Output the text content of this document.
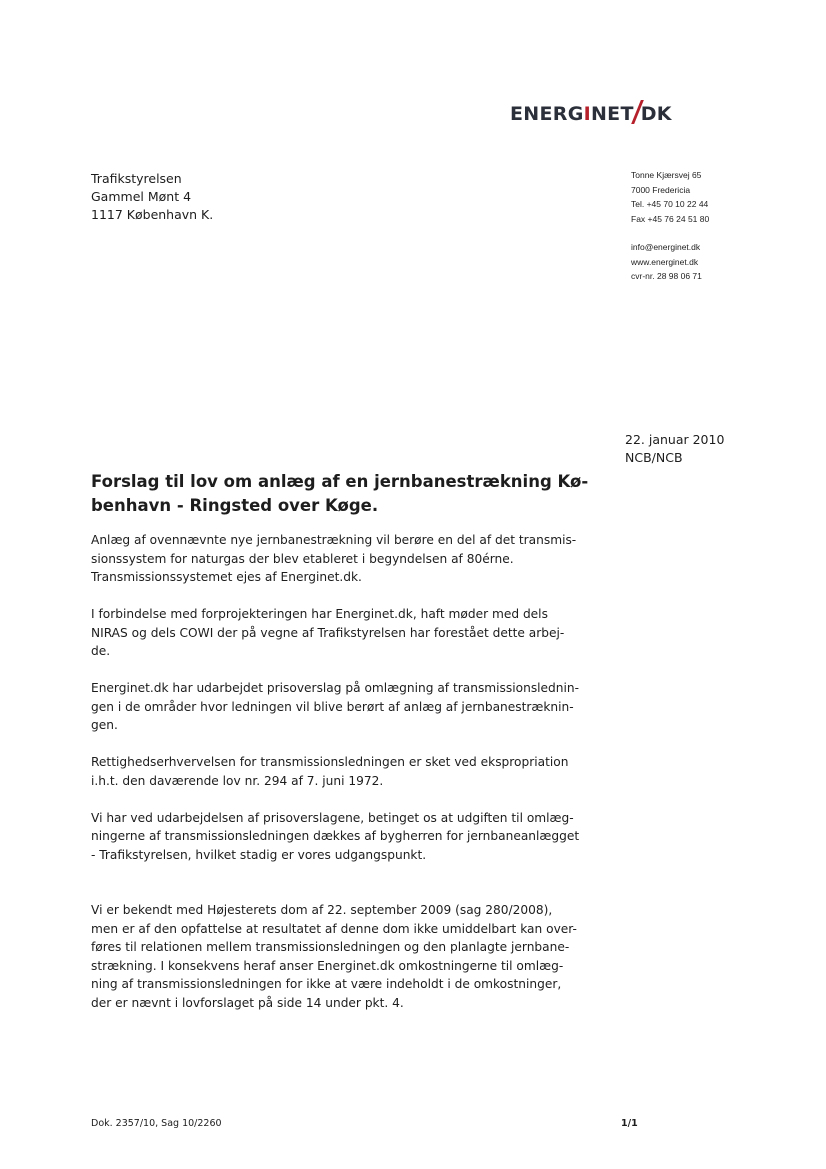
ENERGINET DK
Trafikstyrelsen
Gammel Mønt 4
1117 København K.
Tonne Kjærsvej 65
7000 Fredericia
Tel. +45 70 10 22 44
Fax +45 76 24 51 80
info@energinet.dk
www.energinet.dk
cvr-nr. 28 98 06 71
22. januar 2010
NCB/NCB
Forslag til lov om anlæg af en jernbanestrækning Kø-
benhavn - Ringsted over Køge.

Anlæg af ovennævnte nye jernbanestrækning vil berøre en del af det transmis-

sionssystem for naturgas der blev etableret i begyndelsen af 80érne.

Transmissionssystemet ejes af Energinet.dk.

I forbindelse med forprojekteringen har Energinet.dk, haft møder med dels

NIRAS og dels COWI der på vegne af Trafikstyrelsen har forestået dette arbej-

de.

Energinet.dk har udarbejdet prisoverslag på omlægning af transmissionslednin-

gen i de områder hvor ledningen vil blive berørt af anlæg af jernbanestræknin-

gen.

Rettighedserhvervelsen for transmissionsledningen er sket ved ekspropriation

i.h.t. den daværende lov nr. 294 af 7. juni 1972.

Vi har ved udarbejdelsen af prisoverslagene, betinget os at udgiften til omlæg-

ningerne af transmissionsledningen dækkes af bygherren for jernbaneanlægget

- Trafikstyrelsen, hvilket stadig er vores udgangspunkt.

Vi er bekendt med Højesterets dom af 22. september 2009 (sag 280/2008),

men er af den opfattelse at resultatet af denne dom ikke umiddelbart kan over-

føres til relationen mellem transmissionsledningen og den planlagte jernbane-

strækning. I konsekvens heraf anser Energinet.dk omkostningerne til omlæg-

ning af transmissionsledningen for ikke at være indeholdt i de omkostninger,

der er nævnt i lovforslaget på side 14 under pkt. 4.

Dok. 2357/10, Sag 10/2260	1/1
